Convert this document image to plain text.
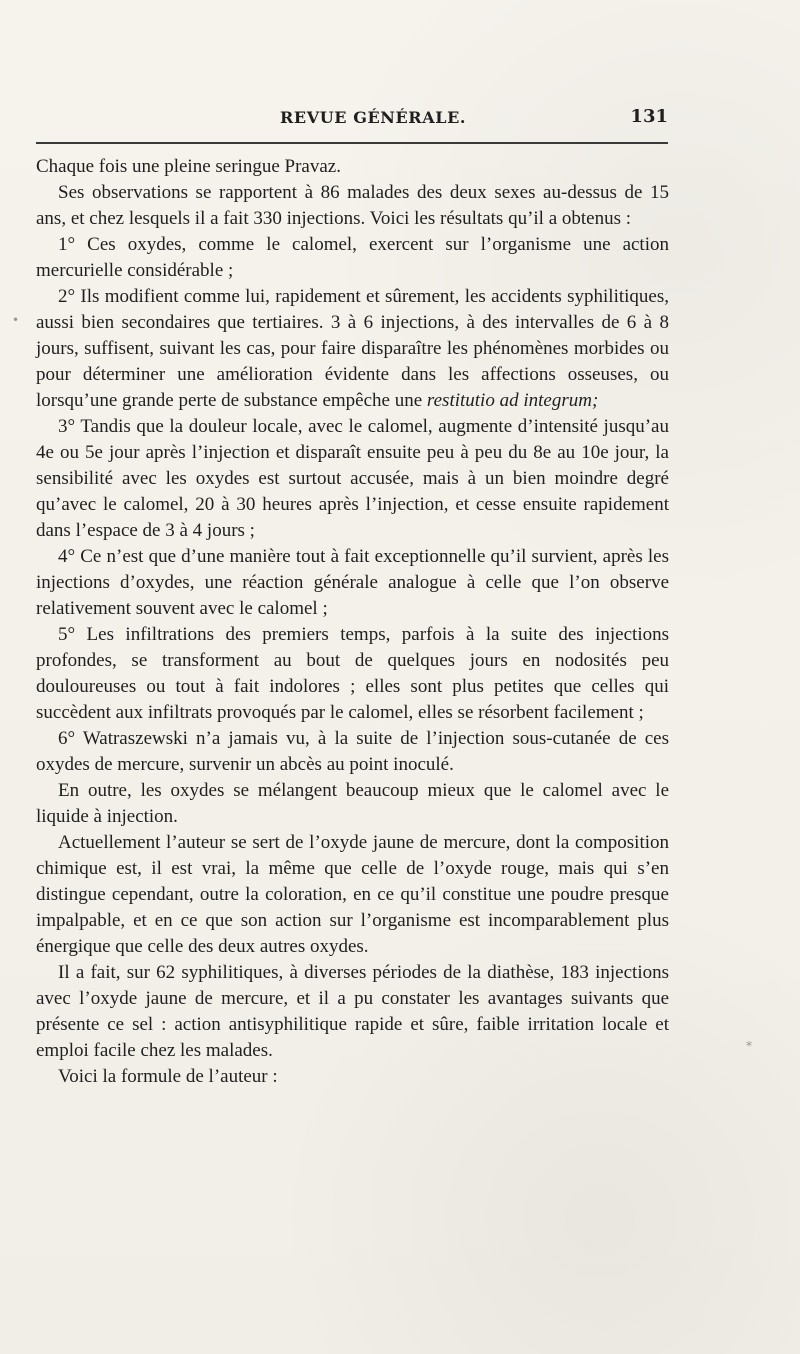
REVUE GÉNÉRALE.	131

Chaque fois une pleine seringue Pravaz.

Ses observations se rapportent à 86 malades des deux sexes au-dessus de 15 ans, et chez lesquels il a fait 330 injections. Voici les résultats qu’il a obtenus :

1° Ces oxydes, comme le calomel, exercent sur l’organisme une action mercurielle considérable ;

2° Ils modifient comme lui, rapidement et sûrement, les accidents syphilitiques, aussi bien secondaires que tertiaires. 3 à 6 injections, à des intervalles de 6 à 8 jours, suffisent, suivant les cas, pour faire disparaître les phénomènes morbides ou pour déterminer une amélioration évidente dans les affections osseuses, ou lorsqu’une grande perte de substance empêche une restitutio ad integrum;

3° Tandis que la douleur locale, avec le calomel, augmente d’intensité jusqu’au 4e ou 5e jour après l’injection et disparaît ensuite peu à peu du 8e au 10e jour, la sensibilité avec les oxydes est surtout accusée, mais à un bien moindre degré qu’avec le calomel, 20 à 30 heures après l’injection, et cesse ensuite rapidement dans l’espace de 3 à 4 jours ;

4° Ce n’est que d’une manière tout à fait exceptionnelle qu’il survient, après les injections d’oxydes, une réaction générale analogue à celle que l’on observe relativement souvent avec le calomel ;

5° Les infiltrations des premiers temps, parfois à la suite des injections profondes, se transforment au bout de quelques jours en nodosités peu douloureuses ou tout à fait indolores ; elles sont plus petites que celles qui succèdent aux infiltrats provoqués par le calomel, elles se résorbent facilement ;

6° Watraszewski n’a jamais vu, à la suite de l’injection sous-cutanée de ces oxydes de mercure, survenir un abcès au point inoculé.

En outre, les oxydes se mélangent beaucoup mieux que le calomel avec le liquide à injection.

Actuellement l’auteur se sert de l’oxyde jaune de mercure, dont la composition chimique est, il est vrai, la même que celle de l’oxyde rouge, mais qui s’en distingue cependant, outre la coloration, en ce qu’il constitue une poudre presque impalpable, et en ce que son action sur l’organisme est incomparablement plus énergique que celle des deux autres oxydes.

Il a fait, sur 62 syphilitiques, à diverses périodes de la diathèse, 183 injections avec l’oxyde jaune de mercure, et il a pu constater les avantages suivants que présente ce sel : action antisyphilitique rapide et sûre, faible irritation locale et emploi facile chez les malades.

Voici la formule de l’auteur :

•
⁎
